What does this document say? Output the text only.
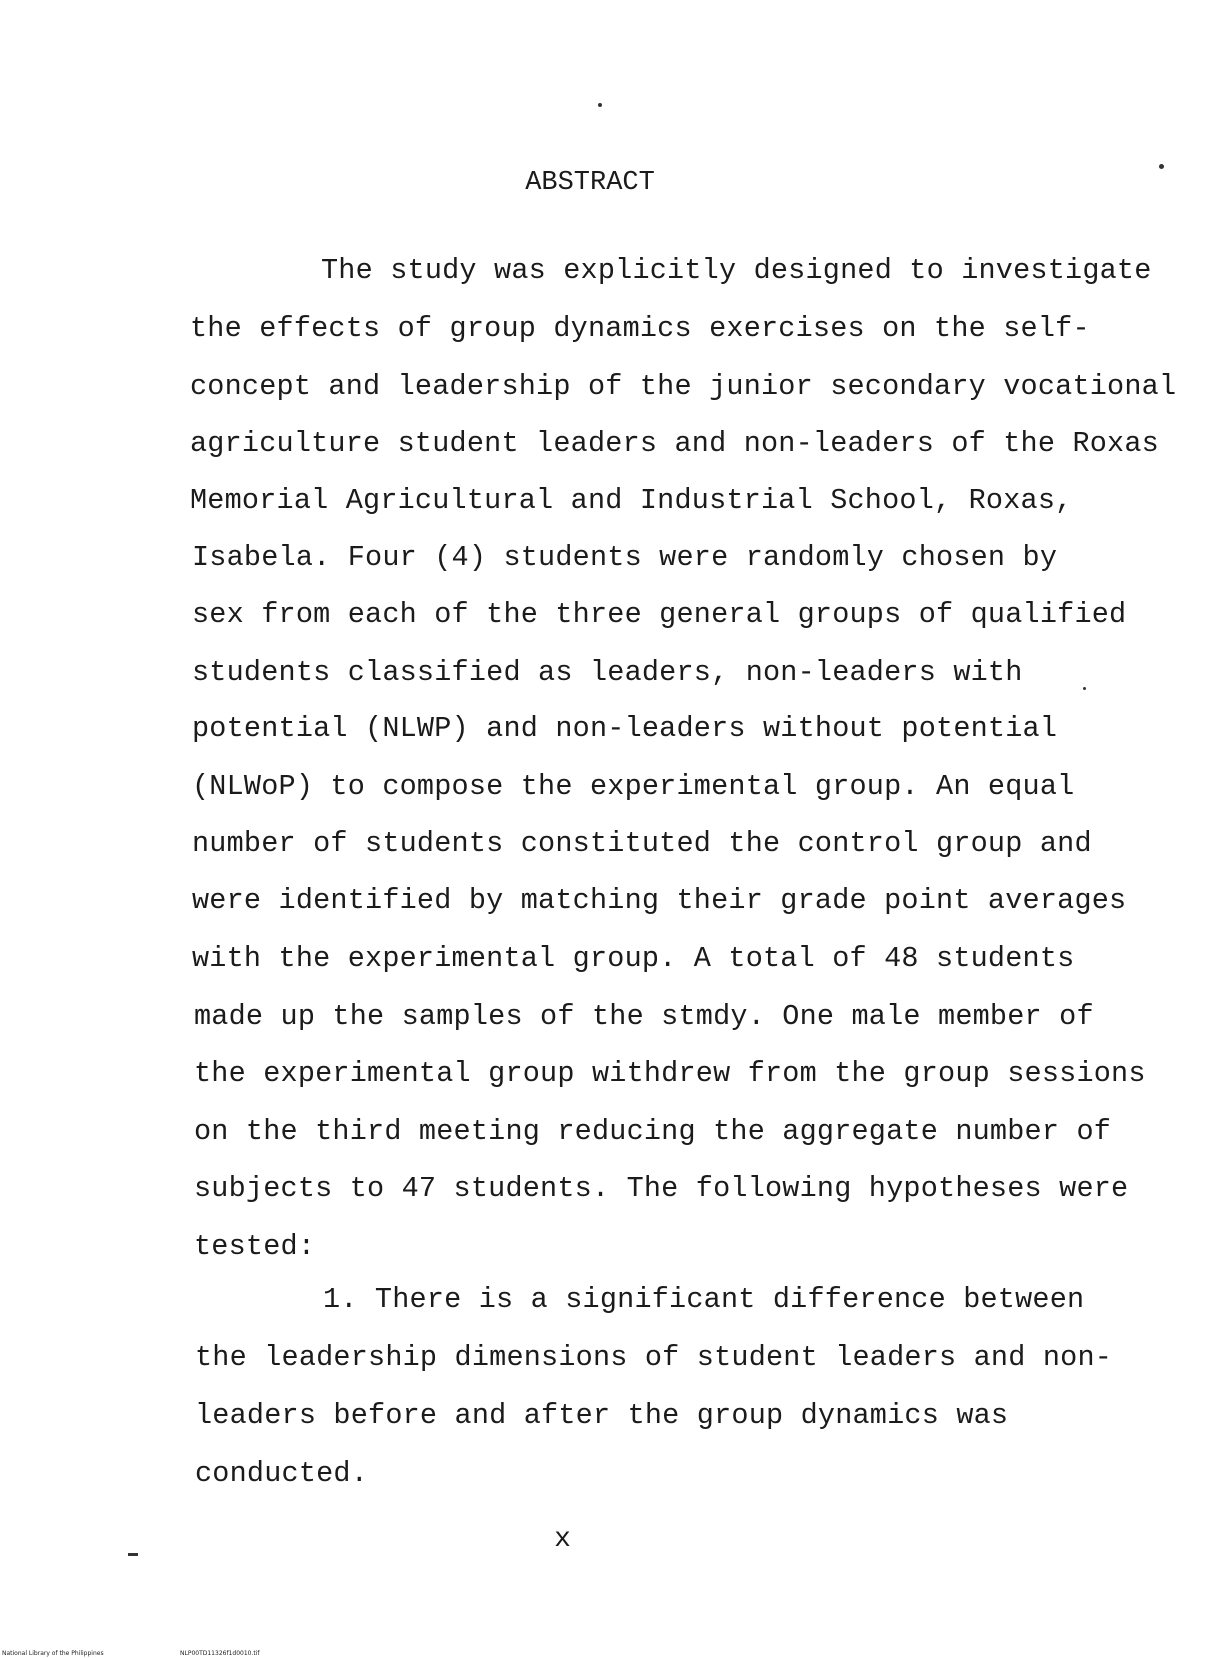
ABSTRACT
The study was explicitly designed to investigate
the effects of group dynamics exercises on the self-
concept and leadership of the junior secondary vocational
agriculture student leaders and non-leaders of the Roxas
Memorial Agricultural and Industrial School, Roxas,
Isabela. Four (4) students were randomly chosen by
sex from each of the three general groups of qualified
students classified as leaders, non-leaders with
potential (NLWP) and non-leaders without potential
(NLWoP) to compose the experimental group. An equal
number of students constituted the control group and
were identified by matching their grade point averages
with the experimental group. A total of 48 students
made up the samples of the stmdy. One male member of
the experimental group withdrew from the group sessions
on the third meeting reducing the aggregate number of
subjects to 47 students. The following hypotheses were
tested:
1. There is a significant difference between
the leadership dimensions of student leaders and non-
leaders before and after the group dynamics was
conducted.
x
National Library of the Philippines	NLP00TD11326f1d0010.tif
